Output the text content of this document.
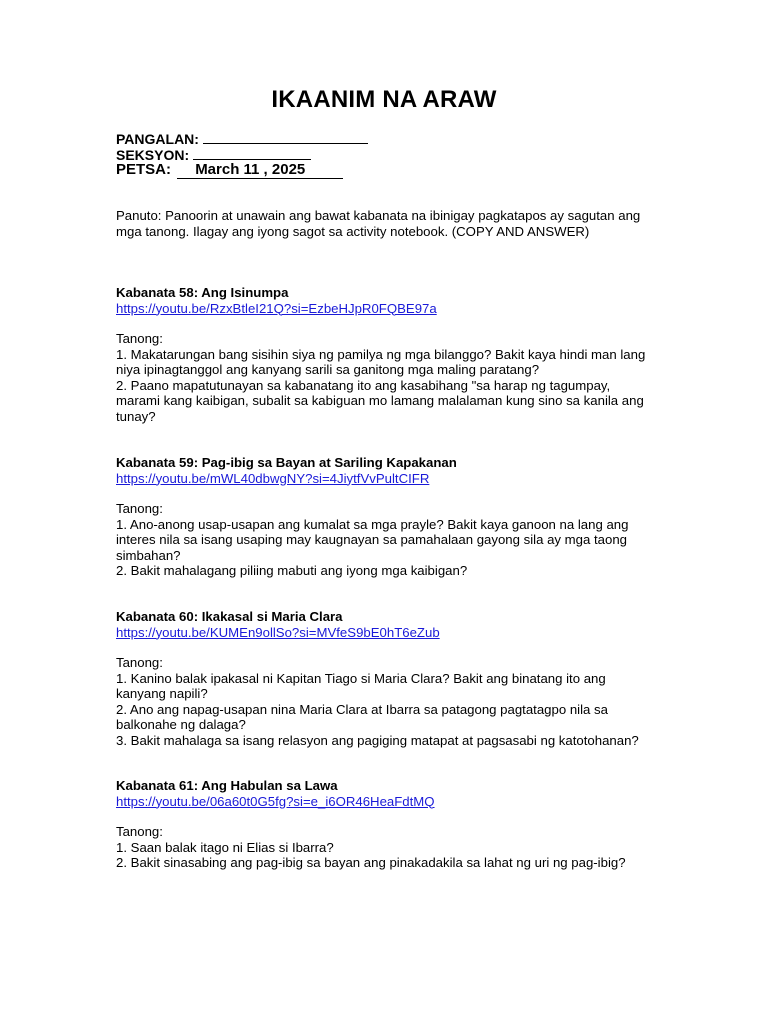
IKAANIM NA ARAW
PANGALAN:
SEKSYON:
PETSA: March 11 , 2025
Panuto: Panoorin at unawain ang bawat kabanata na ibinigay pagkatapos ay sagutan ang mga tanong. Ilagay ang iyong sagot sa activity notebook. (COPY AND ANSWER)
Kabanata 58: Ang Isinumpa
https://youtu.be/RzxBtleI21Q?si=EzbeHJpR0FQBE97a
Tanong:
1. Makatarungan bang sisihin siya ng pamilya ng mga bilanggo? Bakit kaya hindi man lang niya ipinagtanggol ang kanyang sarili sa ganitong mga maling paratang?
2. Paano mapatutunayan sa kabanatang ito ang kasabihang "sa harap ng tagumpay, marami kang kaibigan, subalit sa kabiguan mo lamang malalaman kung sino sa kanila ang tunay?
Kabanata 59: Pag-ibig sa Bayan at Sariling Kapakanan
https://youtu.be/mWL40dbwgNY?si=4JiytfVvPultCIFR
Tanong:
1. Ano-anong usap-usapan ang kumalat sa mga prayle? Bakit kaya ganoon na lang ang interes nila sa isang usaping may kaugnayan sa pamahalaan gayong sila ay mga taong simbahan?
2. Bakit mahalagang piliing mabuti ang iyong mga kaibigan?
Kabanata 60: Ikakasal si Maria Clara
https://youtu.be/KUMEn9ollSo?si=MVfeS9bE0hT6eZub
Tanong:
1. Kanino balak ipakasal ni Kapitan Tiago si Maria Clara? Bakit ang binatang ito ang kanyang napili?
2. Ano ang napag-usapan nina Maria Clara at Ibarra sa patagong pagtatagpo nila sa balkonahe ng dalaga?
3. Bakit mahalaga sa isang relasyon ang pagiging matapat at pagsasabi ng katotohanan?
Kabanata 61: Ang Habulan sa Lawa
https://youtu.be/06a60t0G5fg?si=e_i6OR46HeaFdtMQ
Tanong:
1. Saan balak itago ni Elias si Ibarra?
2. Bakit sinasabing ang pag-ibig sa bayan ang pinakadakila sa lahat ng uri ng pag-ibig?
